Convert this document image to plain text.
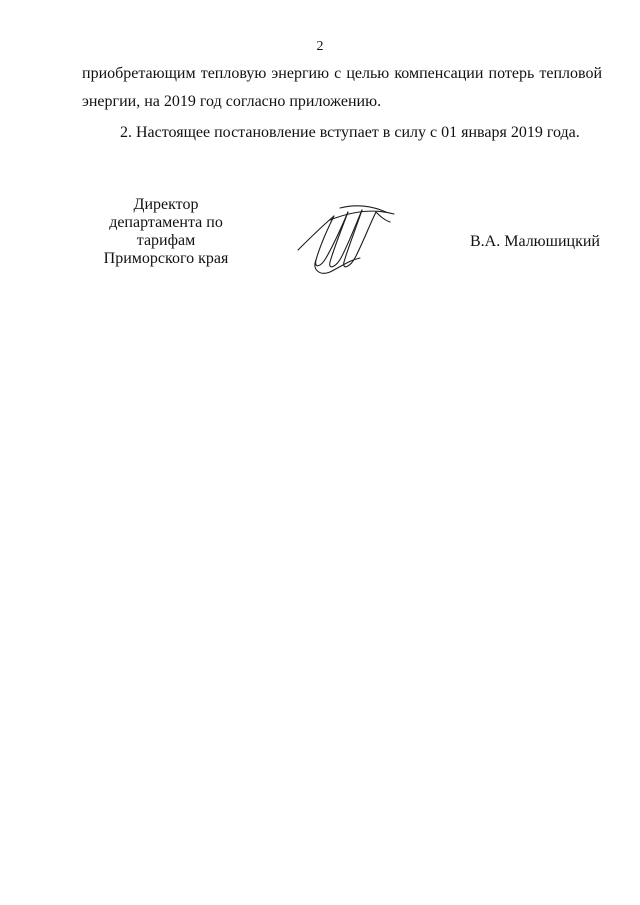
2

приобретающим тепловую энергию с целью компенсации потерь тепловой
энергии, на 2019 год согласно приложению.

2. Настоящее постановление вступает в силу с 01 января 2019 года.

Директор
департамента по тарифам
Приморского края
В.А. Малюшицкий
